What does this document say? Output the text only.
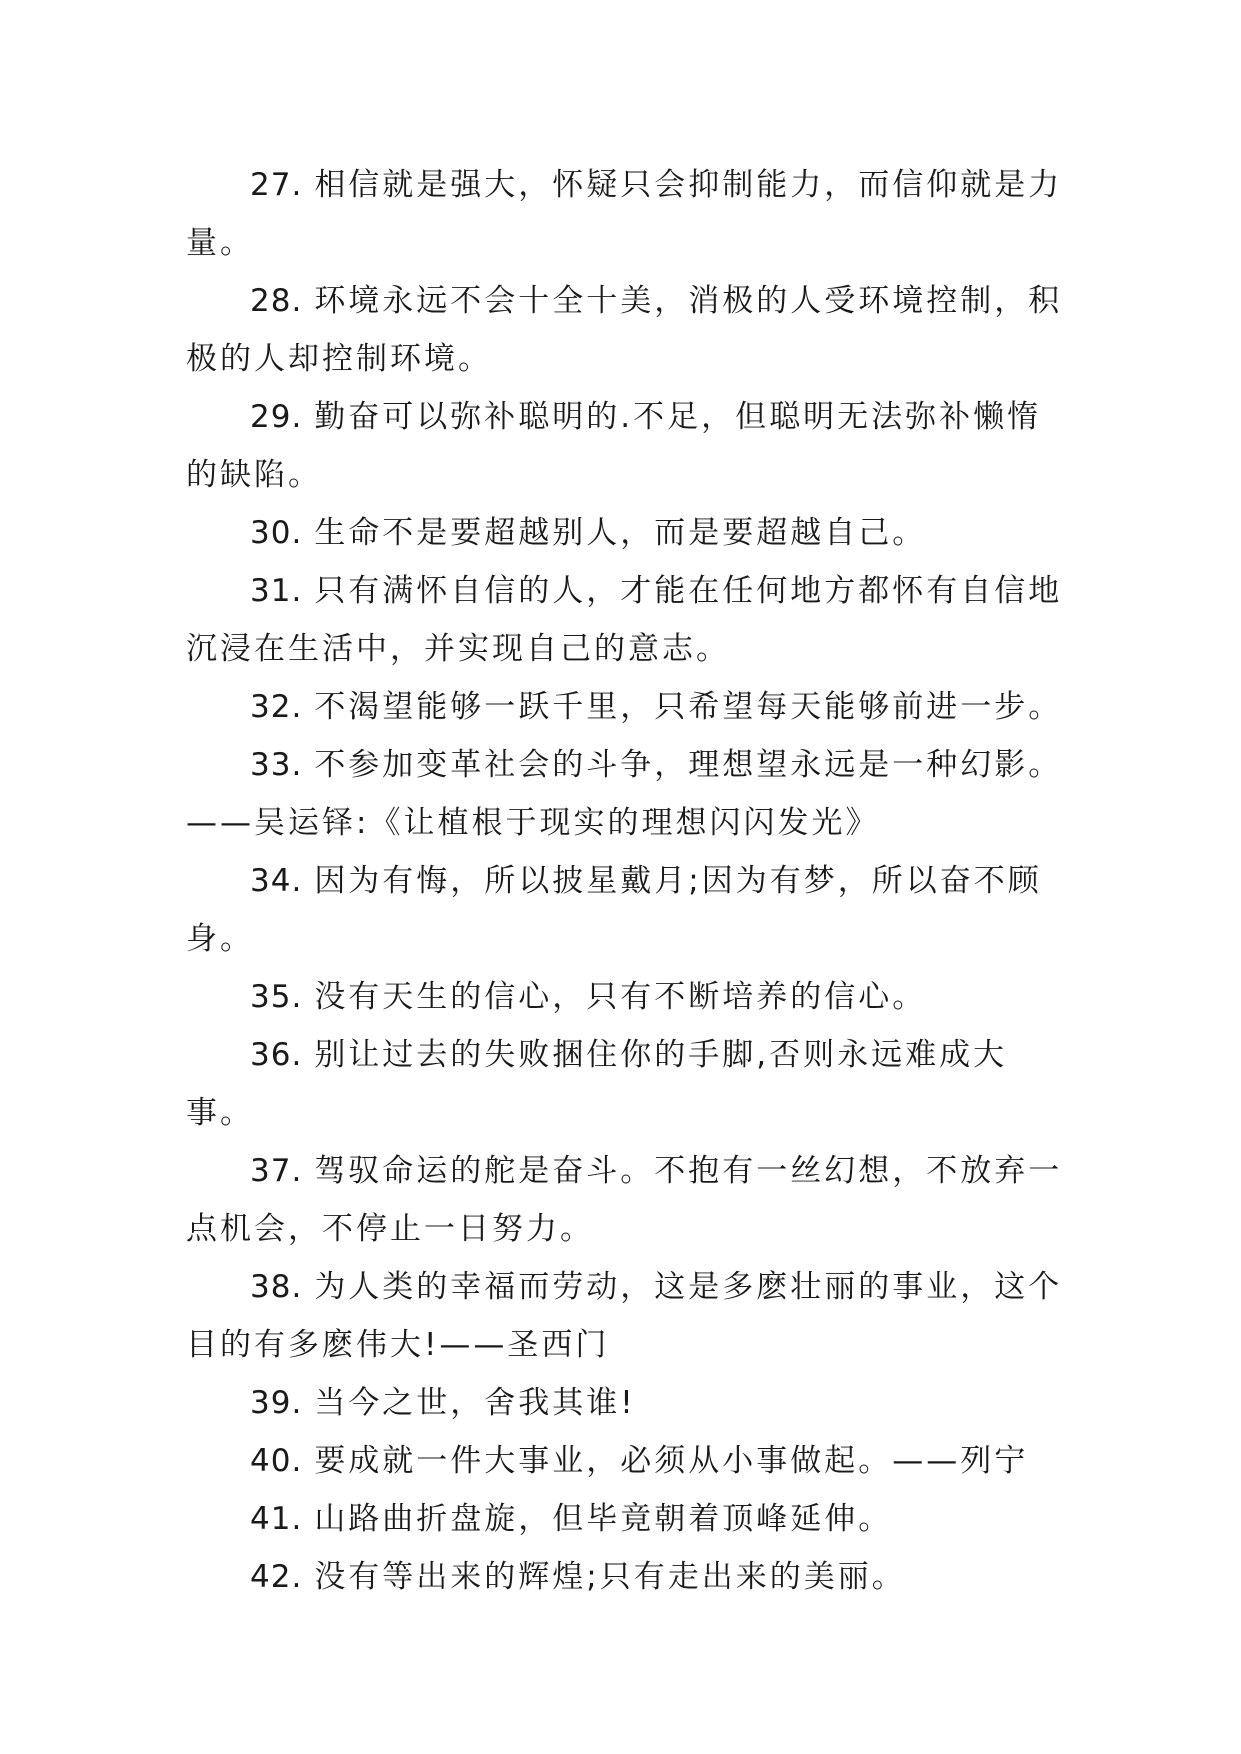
27. 相信就是强大，怀疑只会抑制能力，而信仰就是力量。

28. 环境永远不会十全十美，消极的人受环境控制，积极的人却控制环境。

29. 勤奋可以弥补聪明的.不足，但聪明无法弥补懒惰的缺陷。

30. 生命不是要超越别人，而是要超越自己。

31. 只有满怀自信的人，才能在任何地方都怀有自信地沉浸在生活中，并实现自己的意志。

32. 不渴望能够一跃千里，只希望每天能够前进一步。

33. 不参加变革社会的斗争，理想望永远是一种幻影。——吴运铎:《让植根于现实的理想闪闪发光》

34. 因为有悔，所以披星戴月;因为有梦，所以奋不顾身。

35. 没有天生的信心，只有不断培养的信心。

36. 别让过去的失败捆住你的手脚,否则永远难成大事。

37. 驾驭命运的舵是奋斗。不抱有一丝幻想，不放弃一点机会，不停止一日努力。

38. 为人类的幸福而劳动，这是多麽壮丽的事业，这个目的有多麽伟大!——圣西门

39. 当今之世，舍我其谁!

40. 要成就一件大事业，必须从小事做起。——列宁

41. 山路曲折盘旋，但毕竟朝着顶峰延伸。

42. 没有等出来的辉煌;只有走出来的美丽。
